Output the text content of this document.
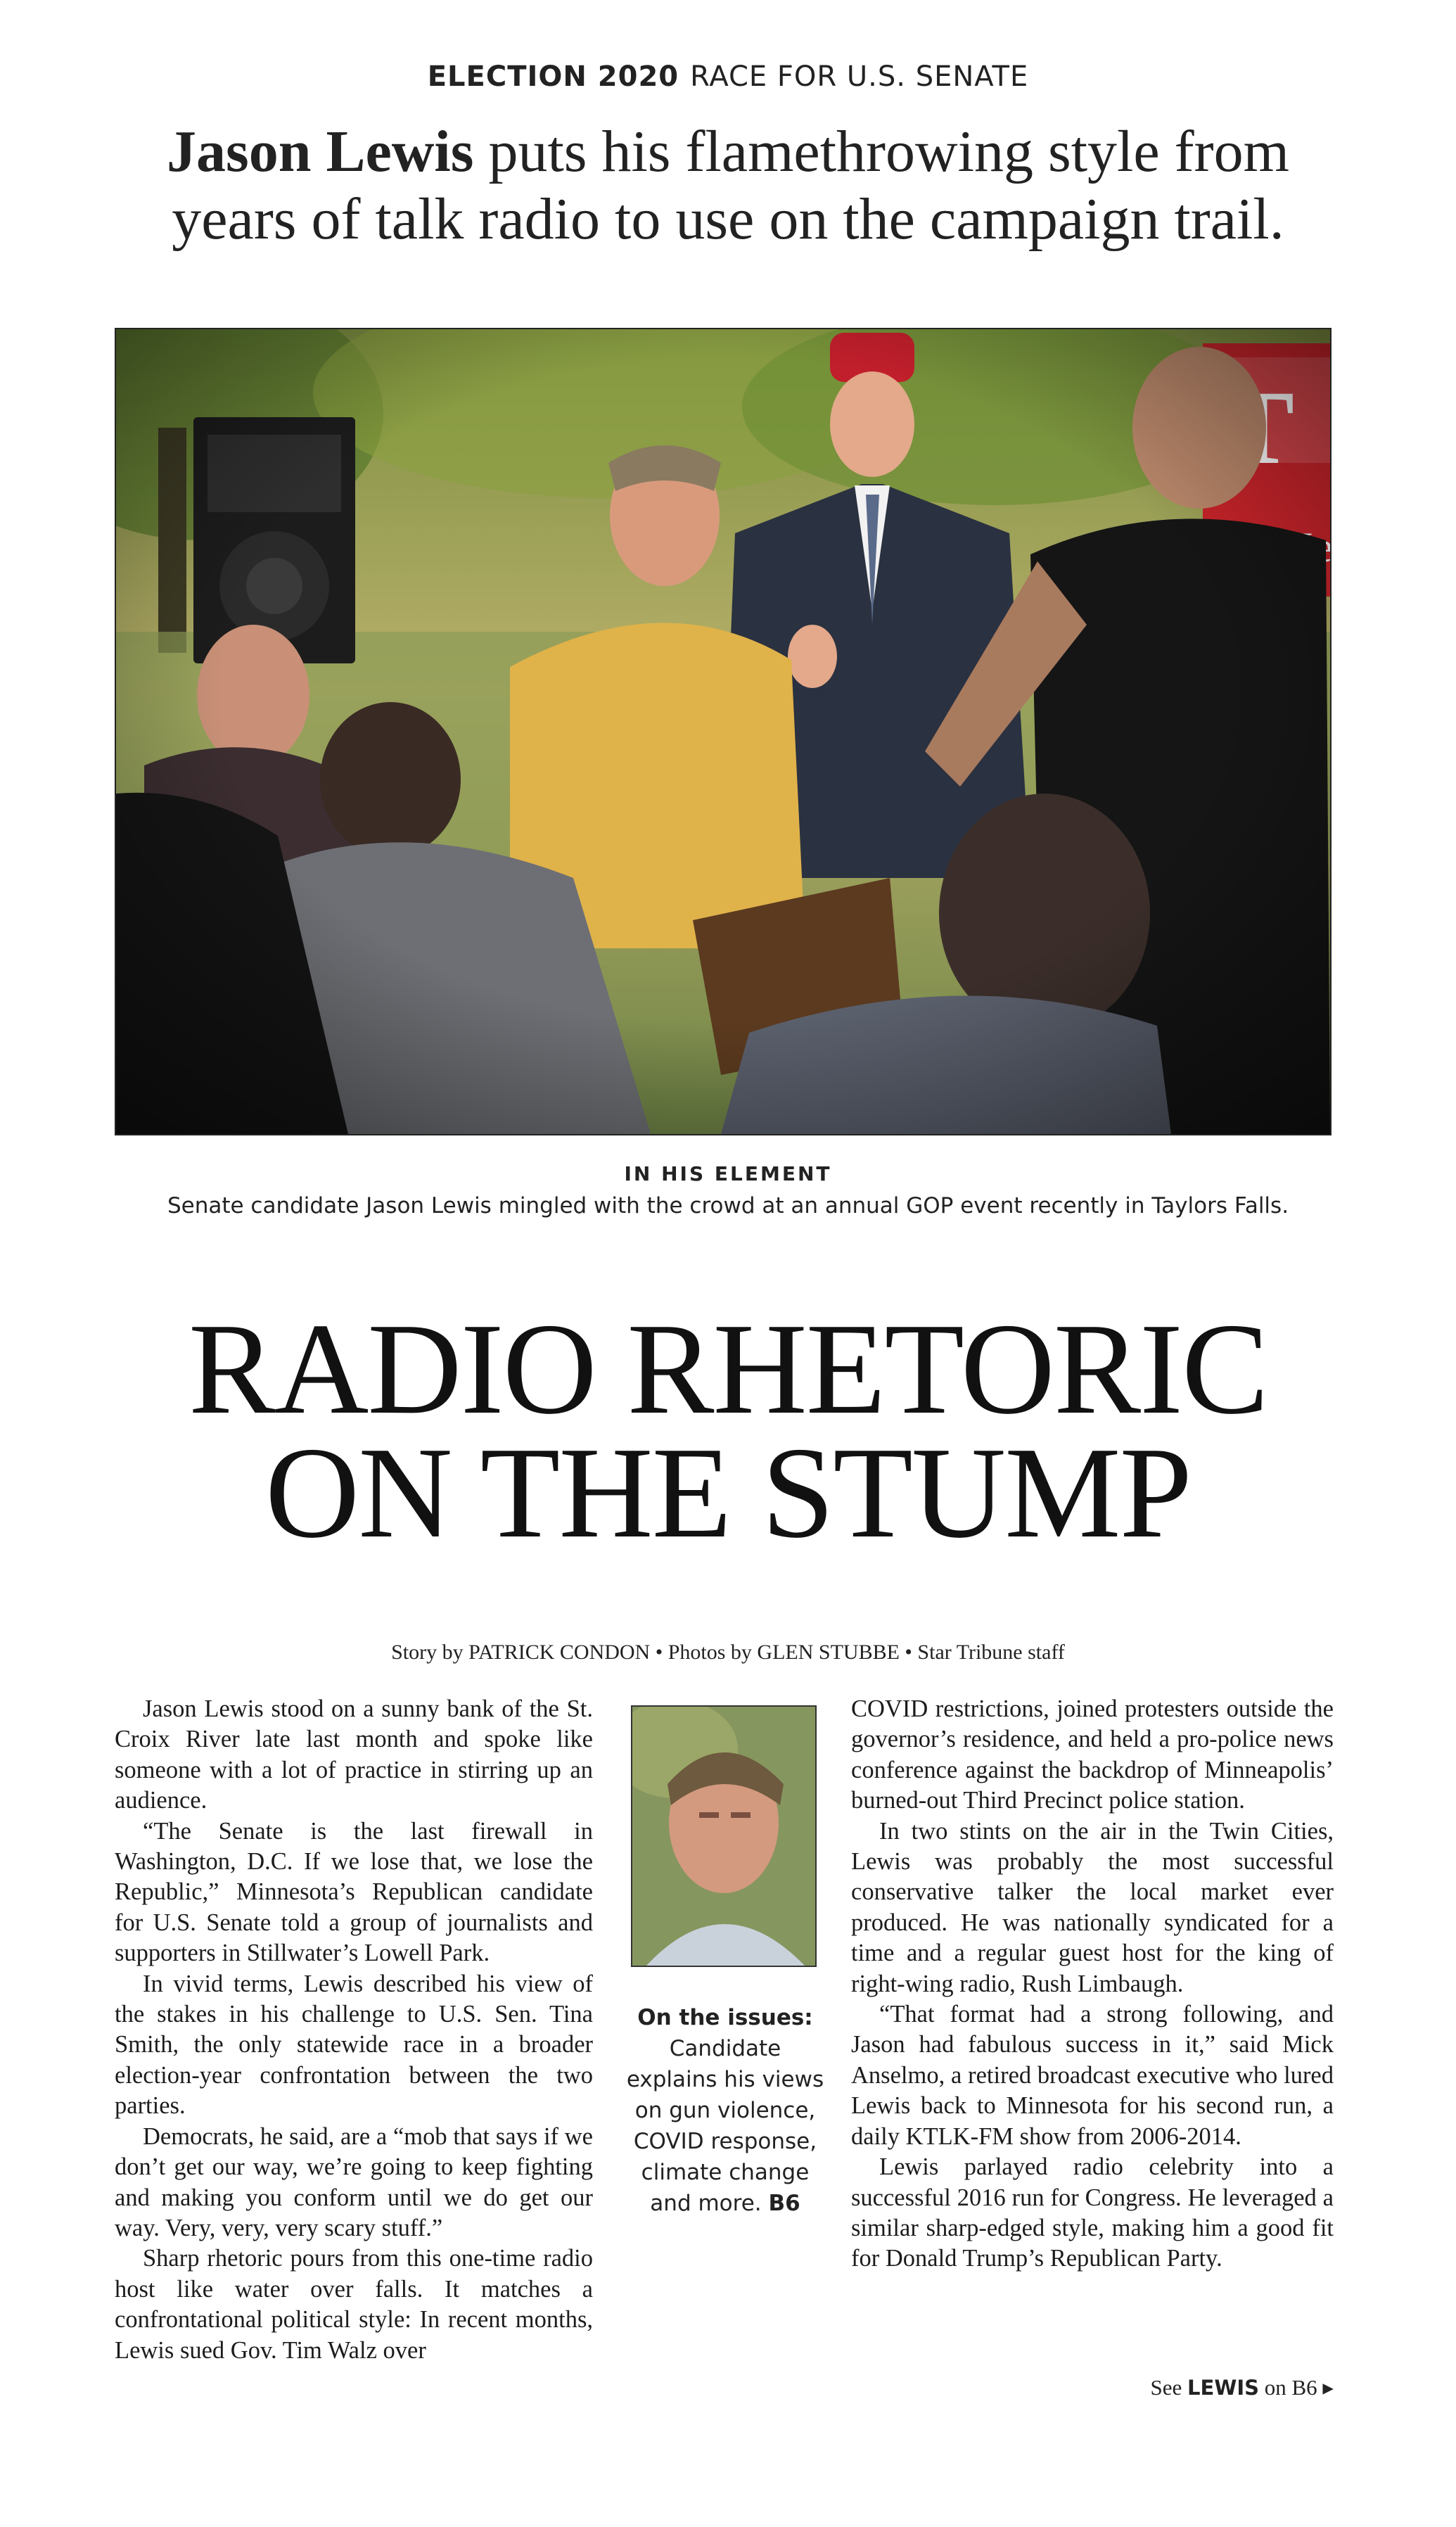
ELECTION 2020 RACE FOR U.S. SENATE
Jason Lewis puts his flamethrowing style from
years of talk radio to use on the campaign trail.
IN HIS ELEMENT
Senate candidate Jason Lewis mingled with the crowd at an annual GOP event recently in Taylors Falls.
RADIO RHETORIC
ON THE STUMP
Story by PATRICK CONDON • Photos by GLEN STUBBE • Star Tribune staff

Jason Lewis stood on a sunny bank of the St. Croix River late last month and spoke like someone with a lot of practice in stirring up an audience.

“The Senate is the last firewall in Washington, D.C. If we lose that, we lose the Republic,” Minnesota’s Republican candidate for U.S. Senate told a group of journalists and supporters in Stillwater’s Lowell Park.

In vivid terms, Lewis described his view of the stakes in his challenge to U.S. Sen. Tina Smith, the only statewide race in a broader election-year confrontation between the two parties.

Democrats, he said, are a “mob that says if we don’t get our way, we’re going to keep fighting and making you conform until we do get our way. Very, very, very scary stuff.”

Sharp rhetoric pours from this one-time radio host like water over falls. It matches a confrontational political style: In recent months, Lewis sued Gov. Tim Walz over

On the issues:
Candidate explains his views on gun violence, COVID response, climate change and more. B6

COVID restrictions, joined protesters outside the governor’s residence, and held a pro-police news conference against the backdrop of Minneapolis’ burned-out Third Precinct police station.

In two stints on the air in the Twin Cities, Lewis was probably the most successful conservative talker the local market ever produced. He was nationally syndicated for a time and a regular guest host for the king of right-wing radio, Rush Limbaugh.

“That format had a strong following, and Jason had fabulous success in it,” said Mick Anselmo, a retired broadcast executive who lured Lewis back to Minnesota for his second run, a daily KTLK-FM show from 2006-2014.

Lewis parlayed radio celebrity into a successful 2016 run for Congress. He leveraged a similar sharp-edged style, making him a good fit for Donald Trump’s Republican Party.

See LEWIS on B6 ▸
